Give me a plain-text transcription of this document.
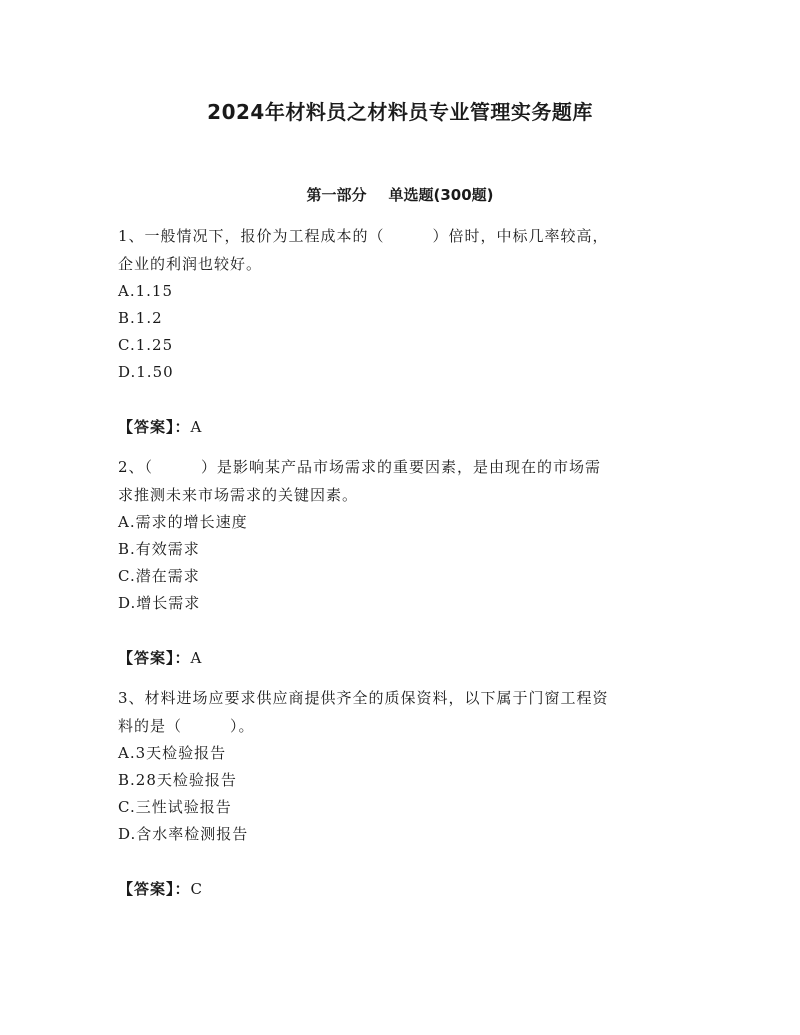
2024年材料员之材料员专业管理实务题库
第一部分 单选题(300题)

1、一般情况下，报价为工程成本的（　　　）倍时，中标几率较高，

企业的利润也较好。

A.1.15

B.1.2

C.1.25

D.1.50

【答案】：A

2、（　　　）是影响某产品市场需求的重要因素，是由现在的市场需

求推测未来市场需求的关键因素。

A.需求的增长速度

B.有效需求

C.潜在需求

D.增长需求

【答案】：A

3、材料进场应要求供应商提供齐全的质保资料，以下属于门窗工程资

料的是（　　　）。

A.3天检验报告

B.28天检验报告

C.三性试验报告

D.含水率检测报告

【答案】：C
